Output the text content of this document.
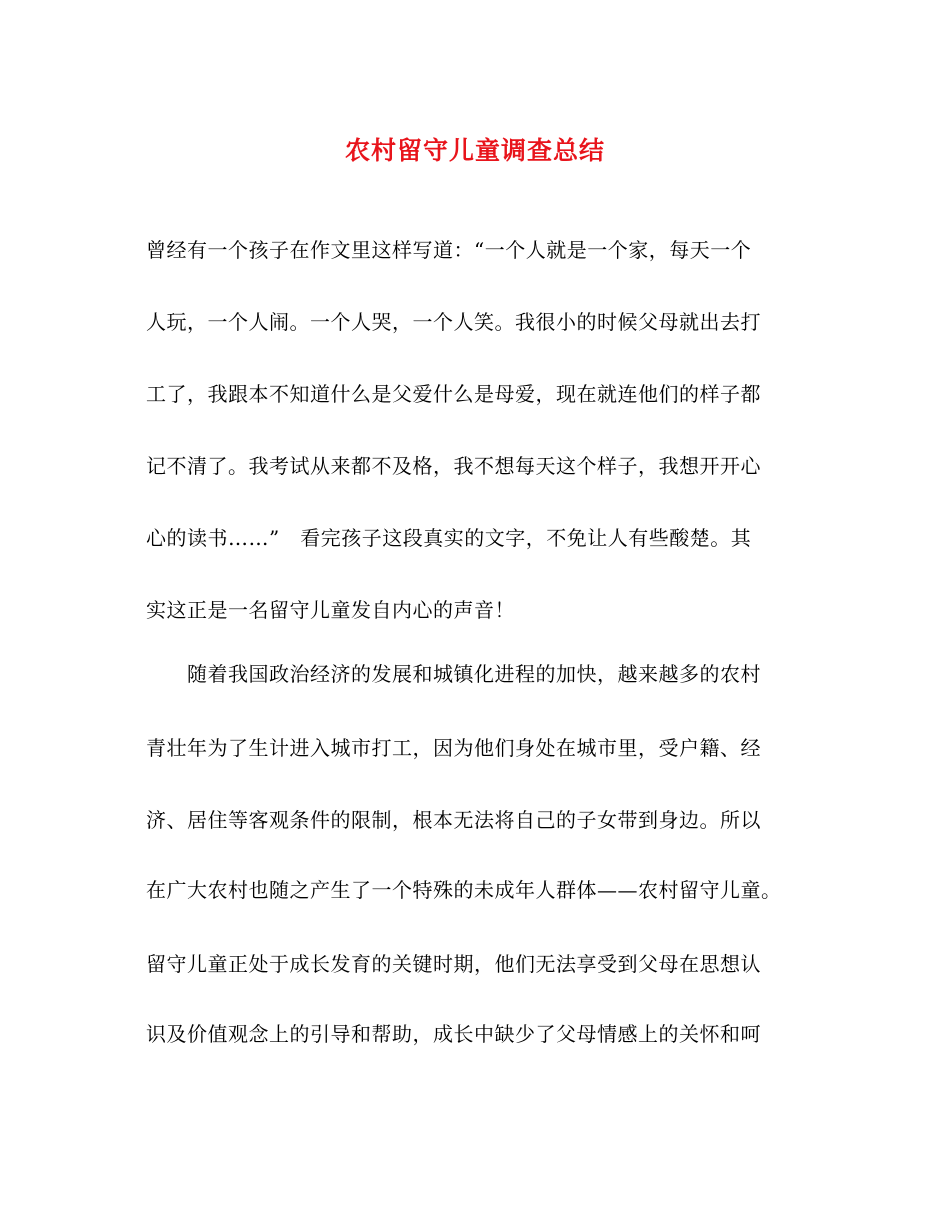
农村留守儿童调查总结
曾经有一个孩子在作文里这样写道：“一个人就是一个家，每天一个
人玩，一个人闹。一个人哭，一个人笑。我很小的时候父母就出去打
工了，我跟本不知道什么是父爱什么是母爱，现在就连他们的样子都
记不清了。我考试从来都不及格，我不想每天这个样子，我想开开心
心的读书……”　看完孩子这段真实的文字，不免让人有些酸楚。其
实这正是一名留守儿童发自内心的声音！
　　随着我国政治经济的发展和城镇化进程的加快，越来越多的农村
青壮年为了生计进入城市打工，因为他们身处在城市里，受户籍、经
济、居住等客观条件的限制，根本无法将自己的子女带到身边。所以
在广大农村也随之产生了一个特殊的未成年人群体——农村留守儿童。
留守儿童正处于成长发育的关键时期，他们无法享受到父母在思想认
识及价值观念上的引导和帮助，成长中缺少了父母情感上的关怀和呵
